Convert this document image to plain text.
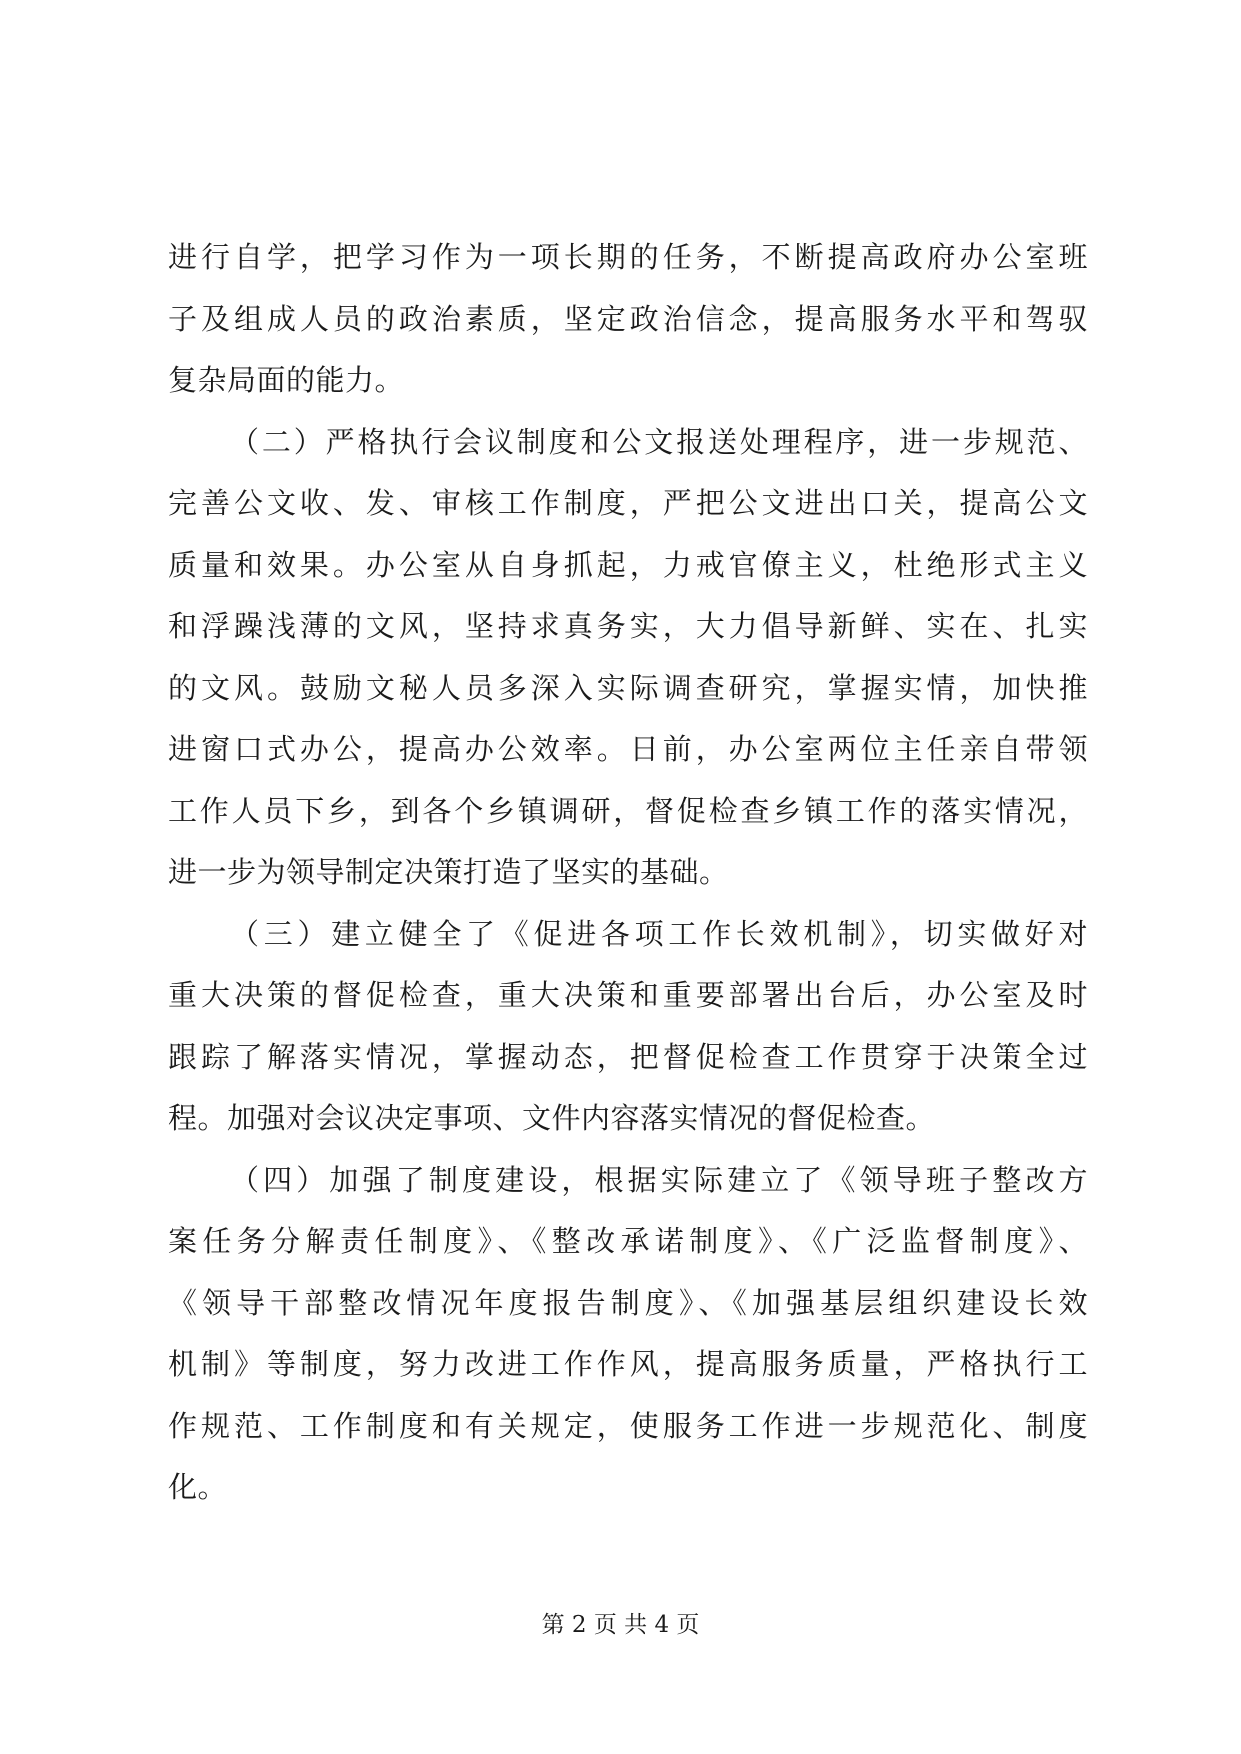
进行自学，把学习作为一项长期的任务，不断提高政府办公室班
子及组成人员的政治素质，坚定政治信念，提高服务水平和驾驭
复杂局面的能力。
（二）严格执行会议制度和公文报送处理程序，进一步规范、
完善公文收、发、审核工作制度，严把公文进出口关，提高公文
质量和效果。办公室从自身抓起，力戒官僚主义，杜绝形式主义
和浮躁浅薄的文风，坚持求真务实，大力倡导新鲜、实在、扎实
的文风。鼓励文秘人员多深入实际调查研究，掌握实情，加快推
进窗口式办公，提高办公效率。日前，办公室两位主任亲自带领
工作人员下乡，到各个乡镇调研，督促检查乡镇工作的落实情况，
进一步为领导制定决策打造了坚实的基础。
（三）建立健全了《促进各项工作长效机制》，切实做好对
重大决策的督促检查，重大决策和重要部署出台后，办公室及时
跟踪了解落实情况，掌握动态，把督促检查工作贯穿于决策全过
程。加强对会议决定事项、文件内容落实情况的督促检查。
（四）加强了制度建设，根据实际建立了《领导班子整改方
案任务分解责任制度》、《整改承诺制度》、《广泛监督制度》、
《领导干部整改情况年度报告制度》、《加强基层组织建设长效
机制》等制度，努力改进工作作风，提高服务质量，严格执行工
作规范、工作制度和有关规定，使服务工作进一步规范化、制度
化。
第 2 页 共 4 页
